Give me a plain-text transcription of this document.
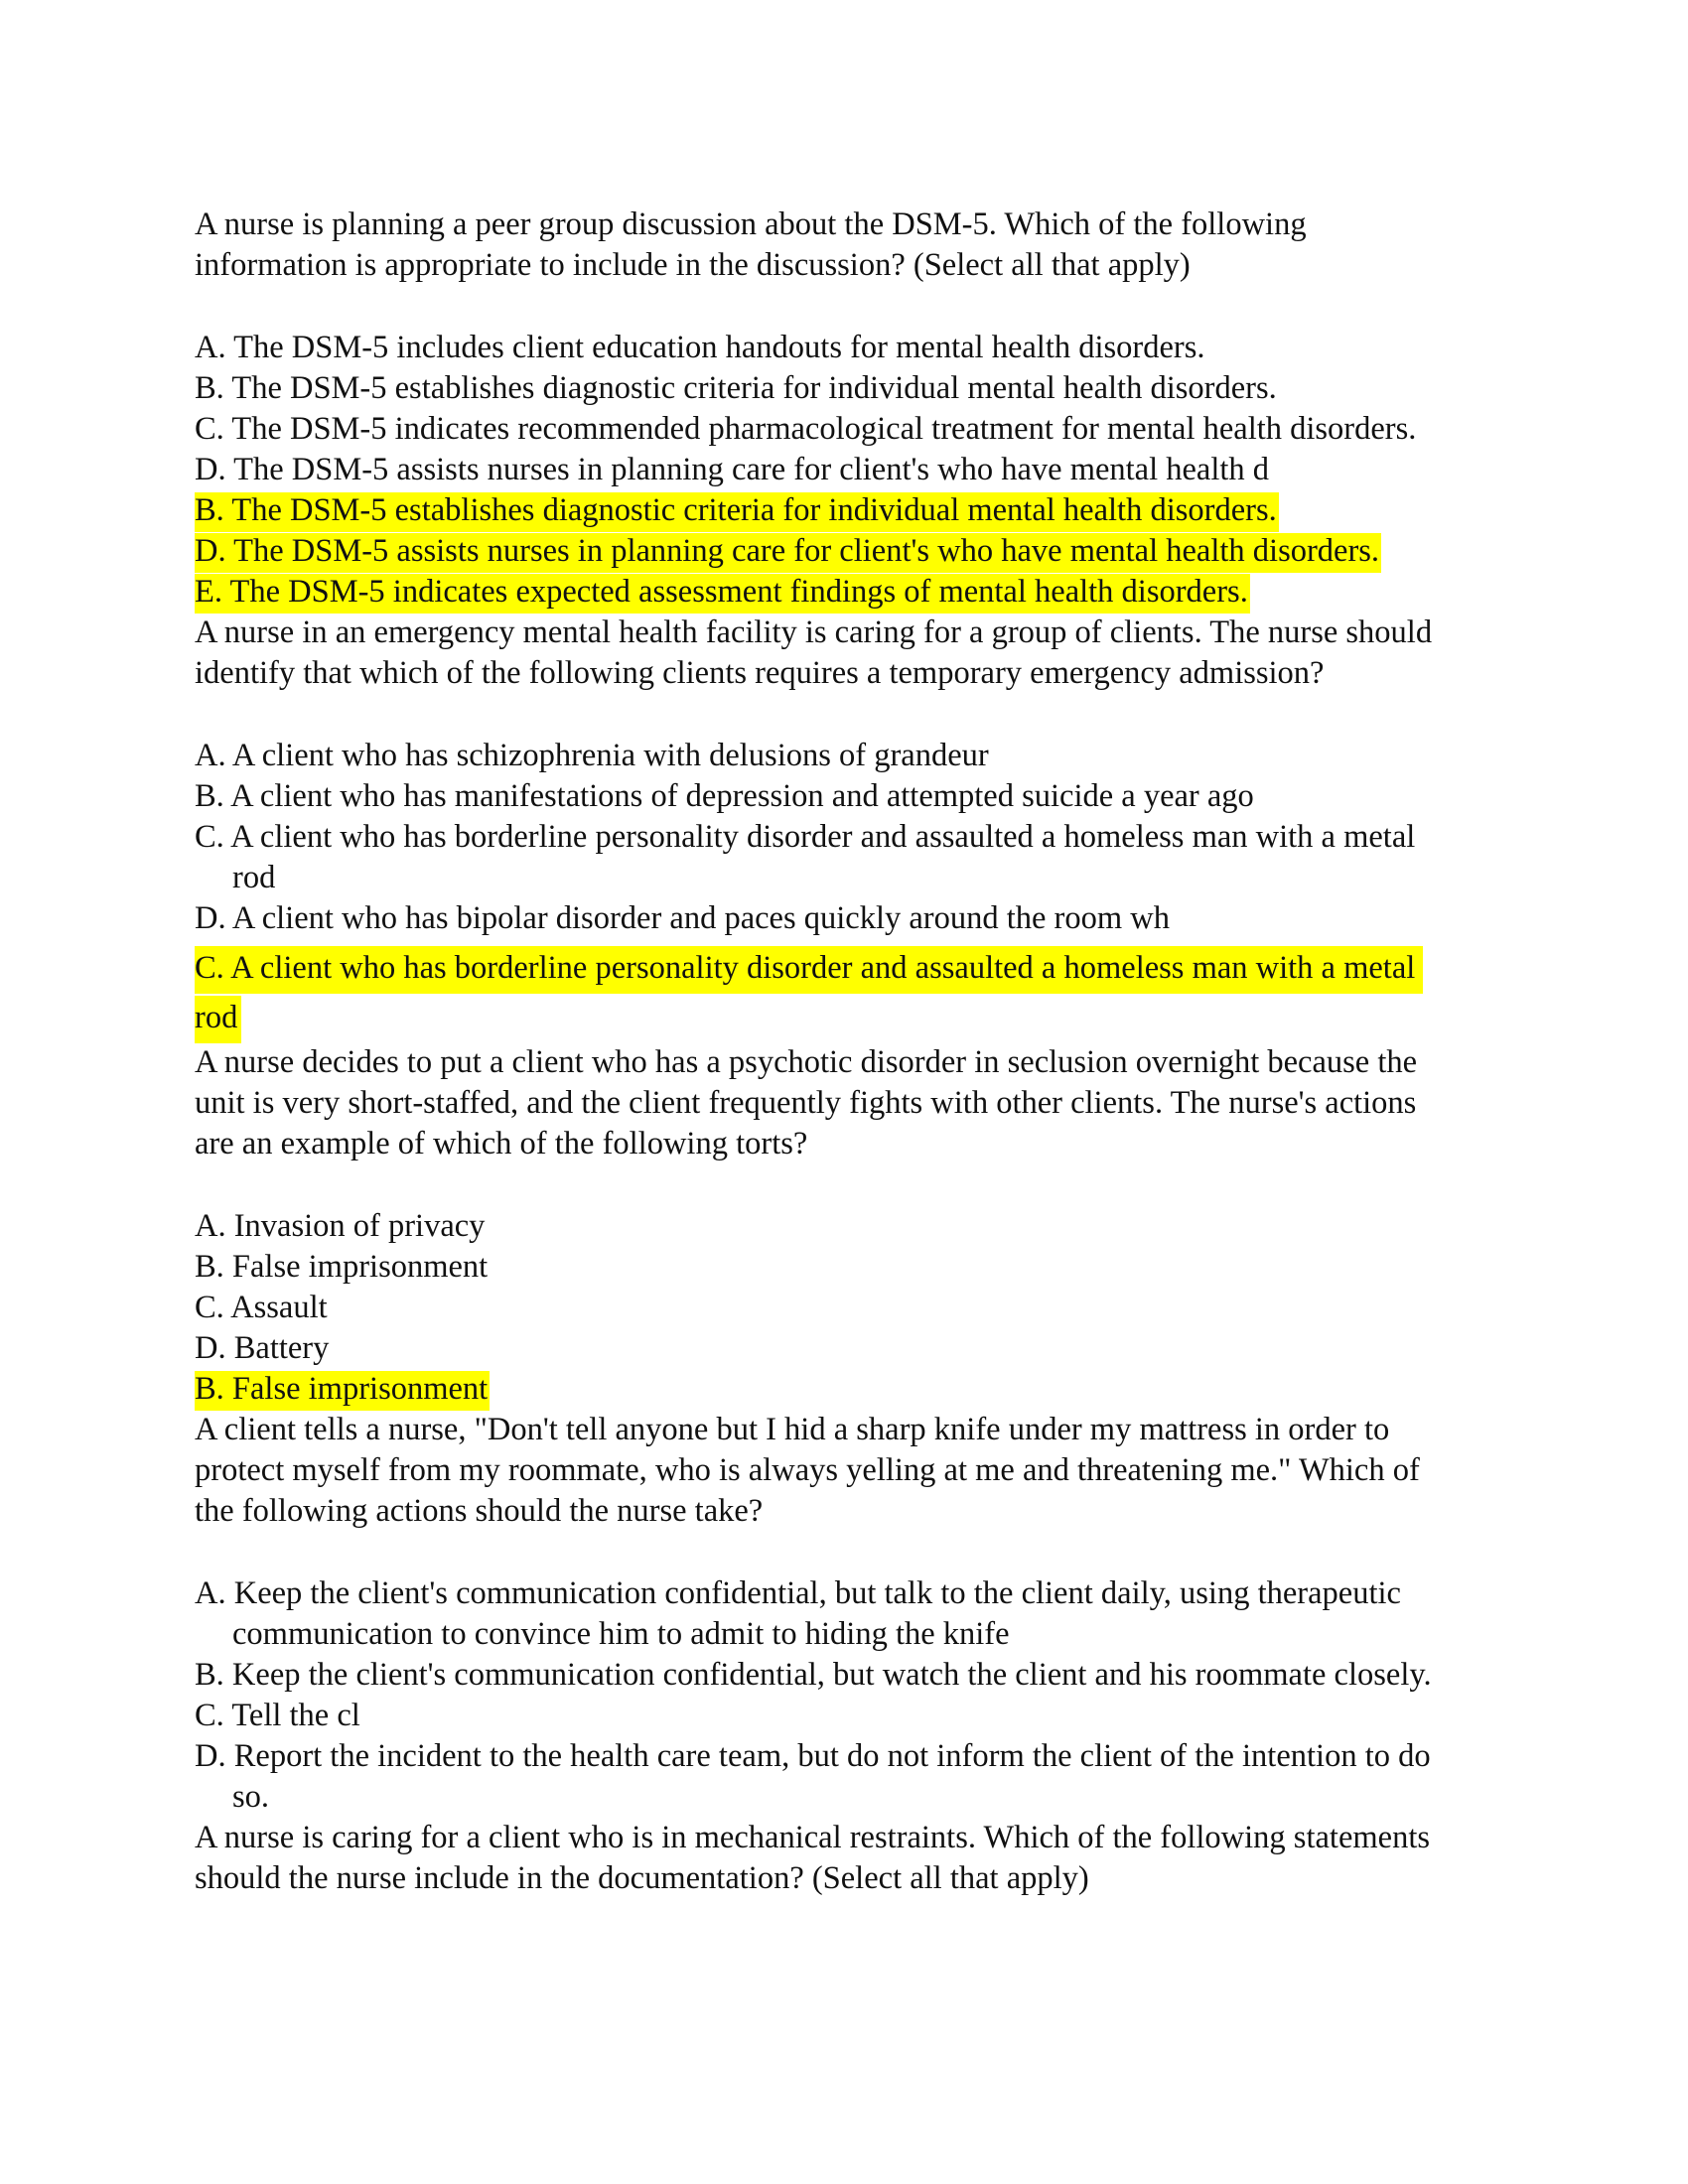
A nurse is planning a peer group discussion about the DSM-5. Which of the following

information is appropriate to include in the discussion? (Select all that apply)

A. The DSM-5 includes client education handouts for mental health disorders.

B. The DSM-5 establishes diagnostic criteria for individual mental health disorders.

C. The DSM-5 indicates recommended pharmacological treatment for mental health disorders.

D. The DSM-5 assists nurses in planning care for client's who have mental health d

B. The DSM-5 establishes diagnostic criteria for individual mental health disorders.

D. The DSM-5 assists nurses in planning care for client's who have mental health disorders.

E. The DSM-5 indicates expected assessment findings of mental health disorders.

A nurse in an emergency mental health facility is caring for a group of clients. The nurse should

identify that which of the following clients requires a temporary emergency admission?

A. A client who has schizophrenia with delusions of grandeur

B. A client who has manifestations of depression and attempted suicide a year ago

C. A client who has borderline personality disorder and assaulted a homeless man with a metal

rod

D. A client who has bipolar disorder and paces quickly around the room wh

C. A client who has borderline personality disorder and assaulted a homeless man with a metal

rod

A nurse decides to put a client who has a psychotic disorder in seclusion overnight because the

unit is very short-staffed, and the client frequently fights with other clients. The nurse's actions

are an example of which of the following torts?

A. Invasion of privacy

B. False imprisonment

C. Assault

D. Battery

B. False imprisonment

A client tells a nurse, "Don't tell anyone but I hid a sharp knife under my mattress in order to

protect myself from my roommate, who is always yelling at me and threatening me." Which of

the following actions should the nurse take?

A. Keep the client's communication confidential, but talk to the client daily, using therapeutic

communication to convince him to admit to hiding the knife

B. Keep the client's communication confidential, but watch the client and his roommate closely.

C. Tell the cl

D. Report the incident to the health care team, but do not inform the client of the intention to do

so.

A nurse is caring for a client who is in mechanical restraints. Which of the following statements

should the nurse include in the documentation? (Select all that apply)
